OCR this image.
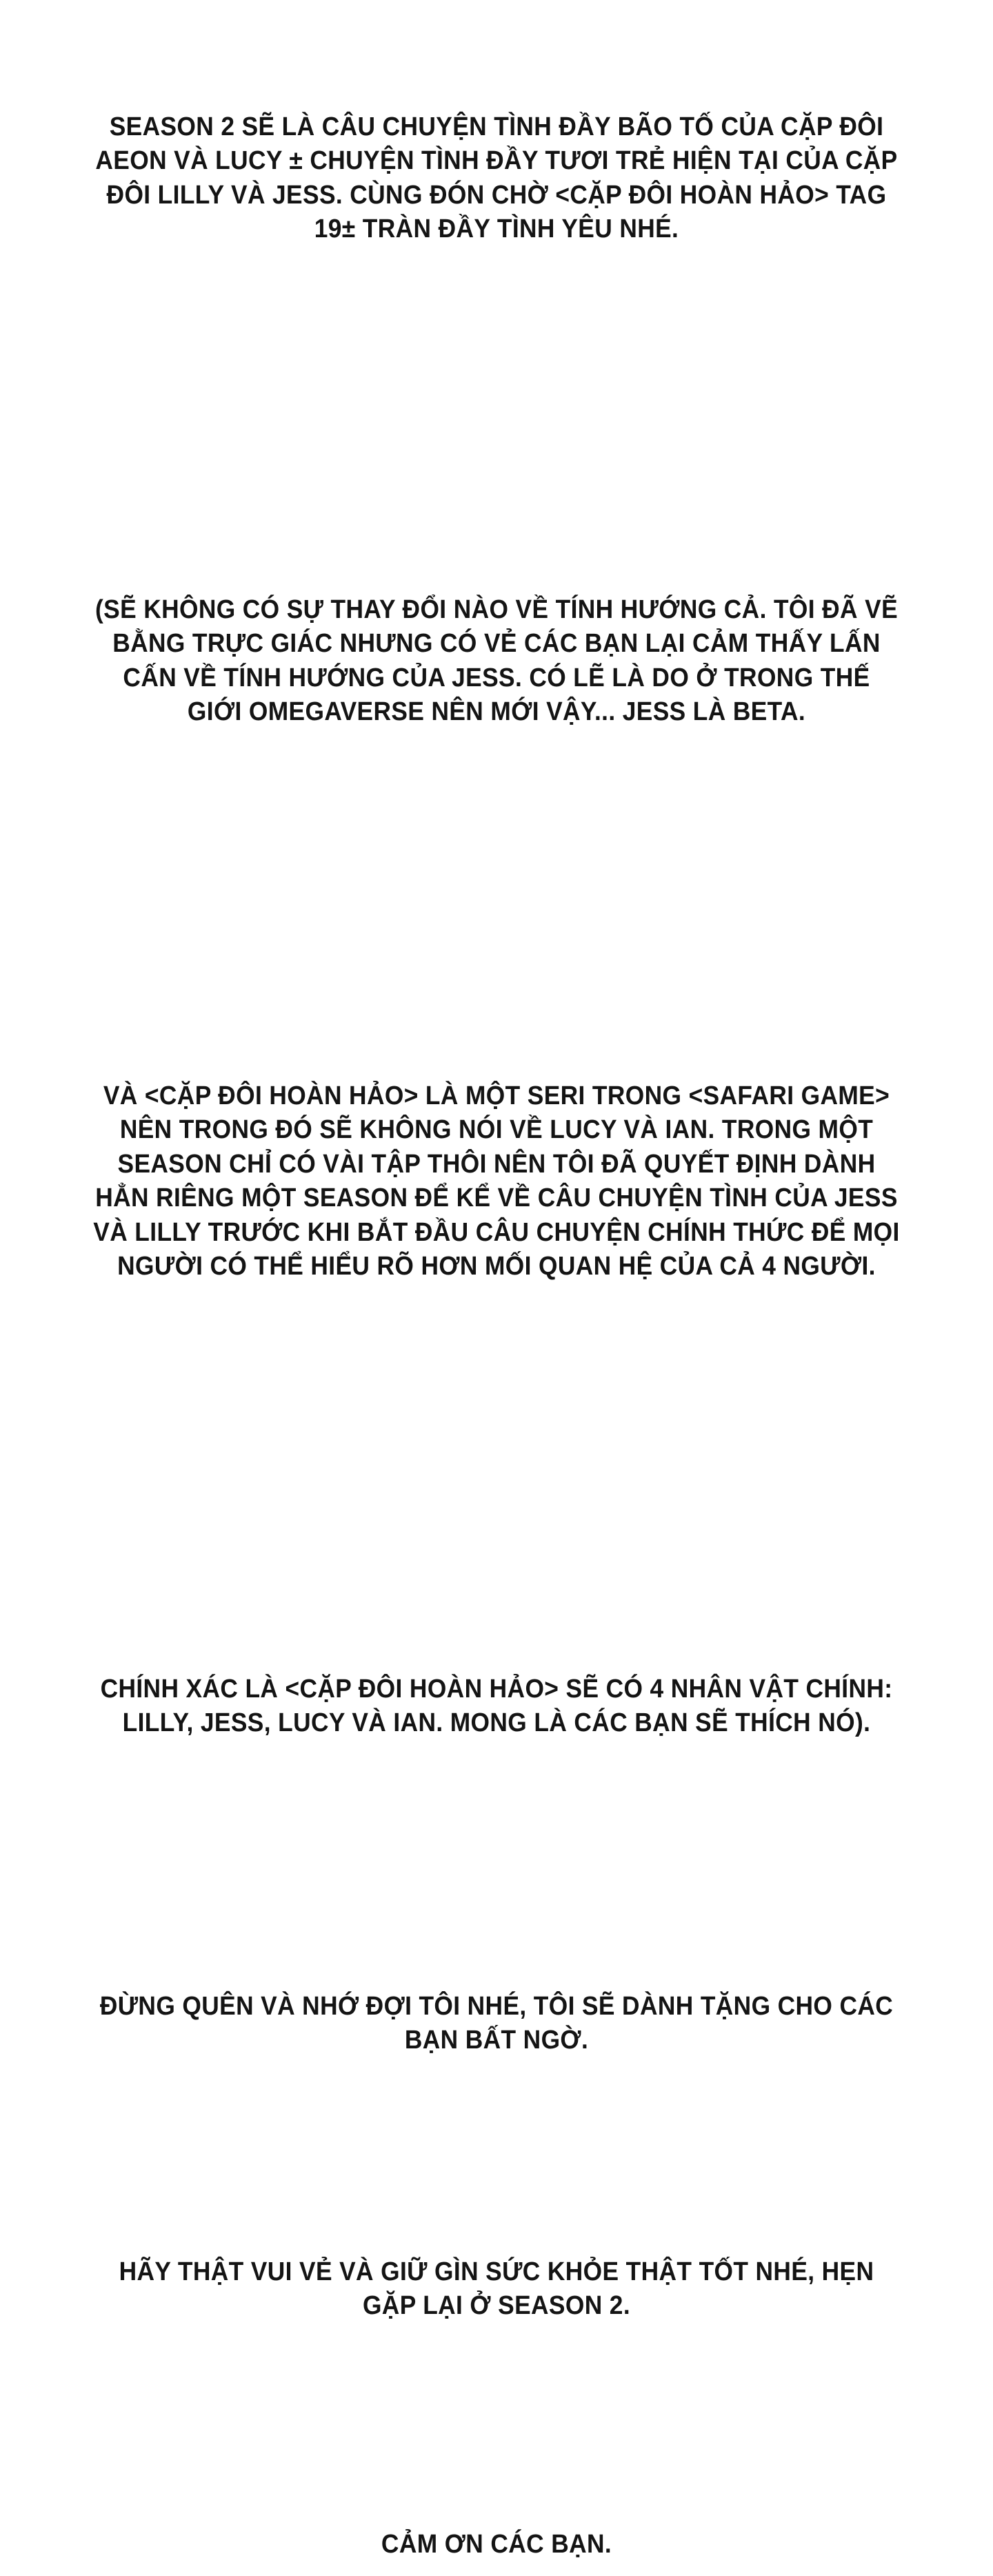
SEASON 2 SẼ LÀ CÂU CHUYỆN TÌNH ĐẦY BÃO TỐ CỦA CẶP ĐÔI AEON VÀ LUCY ± CHUYỆN TÌNH ĐẦY TƯƠI TRẺ HIỆN TẠI CỦA CẶP ĐÔI LILLY VÀ JESS. CÙNG ĐÓN CHỜ <CẶP ĐÔI HOÀN HẢO> TAG 19± TRÀN ĐẦY TÌNH YÊU NHÉ.

(SẼ KHÔNG CÓ SỰ THAY ĐỔI NÀO VỀ TÍNH HƯỚNG CẢ. TÔI ĐÃ VẼ BẰNG TRỰC GIÁC NHƯNG CÓ VẺ CÁC BẠN LẠI CẢM THẤY LẤN CẤN VỀ TÍNH HƯỚNG CỦA JESS. CÓ LẼ LÀ DO Ở TRONG THẾ GIỚI OMEGAVERSE NÊN MỚI VẬY... JESS LÀ BETA.

VÀ <CẶP ĐÔI HOÀN HẢO> LÀ MỘT SERI TRONG <SAFARI GAME> NÊN TRONG ĐÓ SẼ KHÔNG NÓI VỀ LUCY VÀ IAN. TRONG MỘT SEASON CHỈ CÓ VÀI TẬP THÔI NÊN TÔI ĐÃ QUYẾT ĐỊNH DÀNH HẲN RIÊNG MỘT SEASON ĐỂ KỂ VỀ CÂU CHUYỆN TÌNH CỦA JESS VÀ LILLY TRƯỚC KHI BẮT ĐẦU CÂU CHUYỆN CHÍNH THỨC ĐỂ MỌI NGƯỜI CÓ THỂ HIỂU RÕ HƠN MỐI QUAN HỆ CỦA CẢ 4 NGƯỜI.

CHÍNH XÁC LÀ <CẶP ĐÔI HOÀN HẢO> SẼ CÓ 4 NHÂN VẬT CHÍNH: LILLY, JESS, LUCY VÀ IAN. MONG LÀ CÁC BẠN SẼ THÍCH NÓ).

ĐỪNG QUÊN VÀ NHỚ ĐỢI TÔI NHÉ, TÔI SẼ DÀNH TẶNG CHO CÁC BẠN BẤT NGỜ.

HÃY THẬT VUI VẺ VÀ GIỮ GÌN SỨC KHỎE THẬT TỐT NHÉ, HẸN GẶP LẠI Ở SEASON 2.

CẢM ƠN CÁC BẠN.
